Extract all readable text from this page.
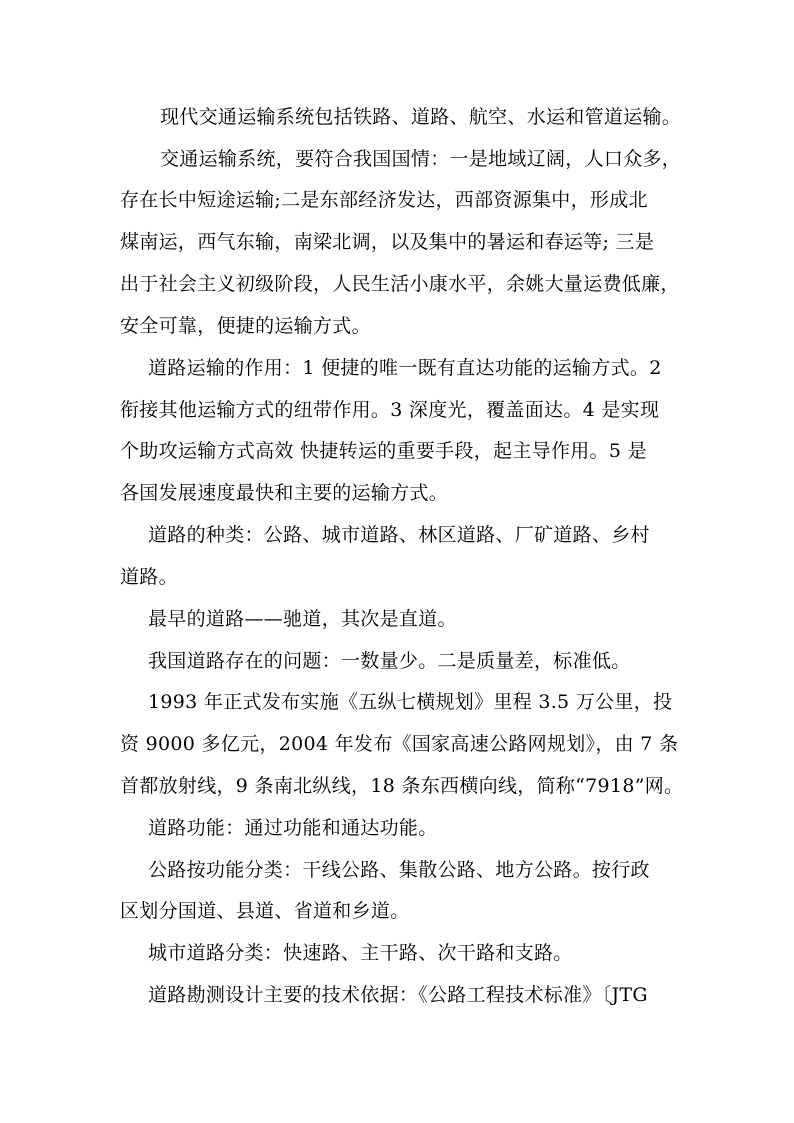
现代交通运输系统包括铁路、道路、航空、水运和管道运输。
交通运输系统，要符合我国国情：一是地域辽阔，人口众多，
存在长中短途运输;二是东部经济发达，西部资源集中，形成北
煤南运，西气东输，南梁北调，以及集中的暑运和春运等; 三是
出于社会主义初级阶段，人民生活小康水平，余姚大量运费低廉，
安全可靠，便捷的运输方式。
道路运输的作用：1 便捷的唯一既有直达功能的运输方式。2
衔接其他运输方式的纽带作用。3 深度光，覆盖面达。4 是实现
个助攻运输方式高效 快捷转运的重要手段，起主导作用。5 是
各国发展速度最快和主要的运输方式。
道路的种类：公路、城市道路、林区道路、厂矿道路、乡村
道路。
最早的道路——驰道，其次是直道。
我国道路存在的问题：一数量少。二是质量差，标准低。
1993 年正式发布实施《五纵七横规划》里程 3.5 万公里，投
资 9000 多亿元，2004 年发布《国家高速公路网规划》，由 7 条
首都放射线，9 条南北纵线，18 条东西横向线，简称“7918”网。
道路功能：通过功能和通达功能。
公路按功能分类：干线公路、集散公路、地方公路。按行政
区划分国道、县道、省道和乡道。
城市道路分类：快速路、主干路、次干路和支路。
道路勘测设计主要的技术依据：《公路工程技术标准》〔JTG
